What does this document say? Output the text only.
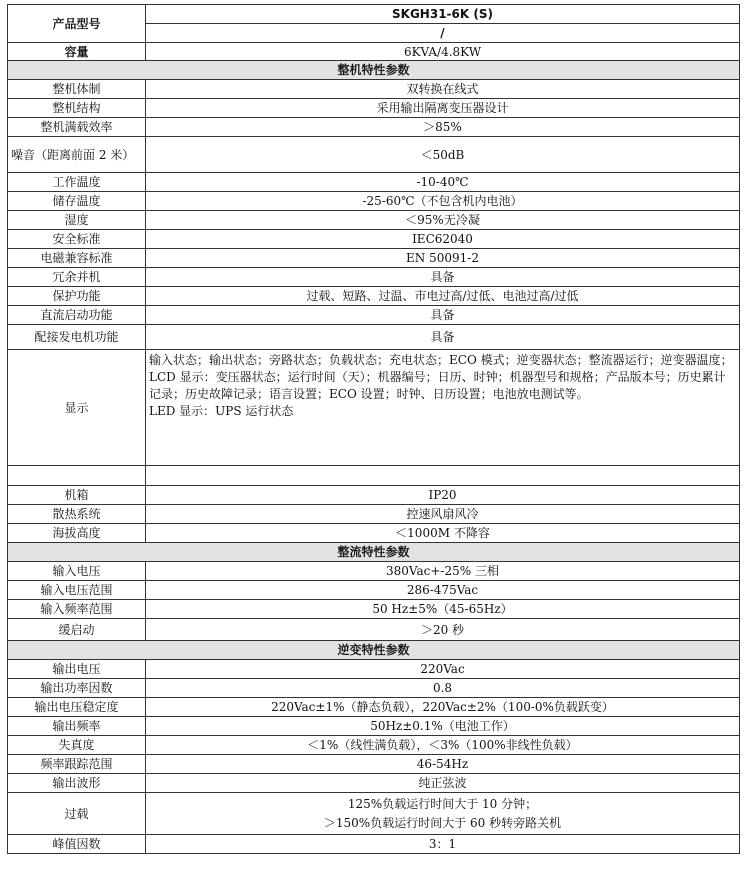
产品型号	SKGH31-6K (S)
	/
容量	6KVA/4.8KW
整机特性参数	
整机体制	双转换在线式
整机结构	采用输出隔离变压器设计
整机满载效率	＞85%
噪音（距离前面 2 米）	＜50dB
工作温度	-10-40℃
储存温度	-25-60℃（不包含机内电池）
湿度	＜95%无冷凝
安全标准	IEC62040
电磁兼容标准	EN 50091-2
冗余并机	具备
保护功能	过载、短路、过温、市电过高/过低、电池过高/过低
直流启动功能	具备
配接发电机功能	具备
显示	输入状态；输出状态；旁路状态；负载状态；充电状态；ECO 模式；逆变器状态；整流器运行；逆变器温度；
LCD 显示：变压器状态；运行时间（天）；机器编号；日历、时钟；机器型号和规格；产品版本号；历史累计记录；历史故障记录；语言设置；ECO 设置；时钟、日历设置；电池放电测试等。
LED 显示：UPS 运行状态

机箱	IP20
散热系统	控速风扇风冷
海拔高度	＜1000M 不降容
整流特性参数	
输入电压	380Vac+-25% 三相
输入电压范围	286-475Vac
输入频率范围	50 Hz±5%（45-65Hz）
缓启动	＞20 秒
逆变特性参数	
输出电压	220Vac
输出功率因数	0.8
输出电压稳定度	220Vac±1%（静态负载），220Vac±2%（100-0%负载跃变）
输出频率	50Hz±0.1%（电池工作）
失真度	＜1%（线性满负载），＜3%（100%非线性负载）
频率跟踪范围	46-54Hz
输出波形	纯正弦波
过载	125%负载运行时间大于 10 分钟；
＞150%负载运行时间大于 60 秒转旁路关机

峰值因数	3：1
